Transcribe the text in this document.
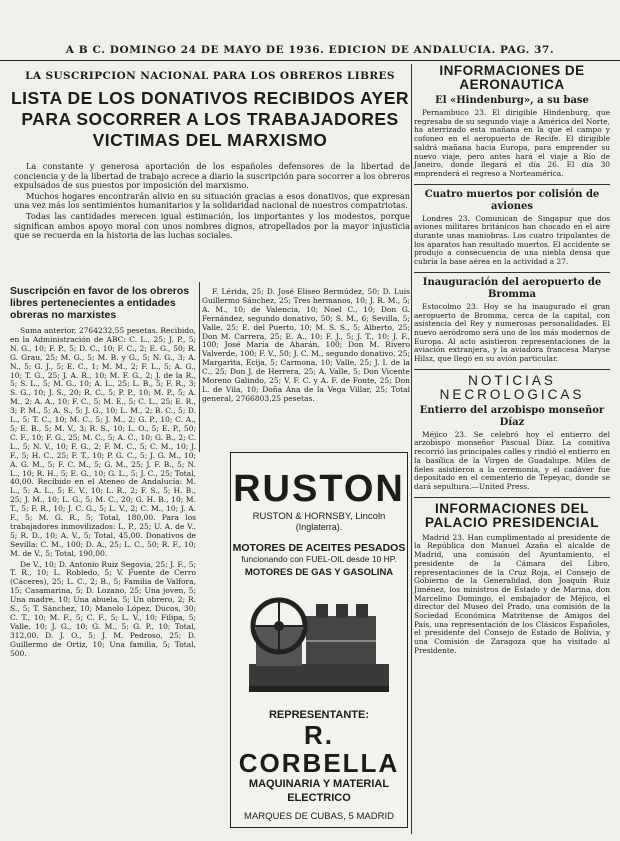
A B C. DOMINGO 24 DE MAYO DE 1936. EDICION DE ANDALUCIA. PAG. 37.
LA SUSCRIPCION NACIONAL PARA LOS OBREROS LIBRES
LISTA DE LOS DONATIVOS RECIBIDOS AYER PARA SOCORRER A LOS TRABAJADORES VICTIMAS DEL MARXISMO

La constante y generosa aportación de los españoles defensores de la libertad de conciencia y de la libertad de trabajo acrece a diario la suscripción para socorrer a los obreros expulsados de sus puestos por imposición del marxismo.

Muchos hogares encontrarán alivio en su situación gracias a esos donativos, que expresan una vez más los sentimientos humanitarios y la solidaridad nacional de nuestros compatriotas.

Todas las cantidades merecen igual estimación, los importantes y los modestos, porque significan ambos apoyo moral con unos nombres dignos, atropellados por la mayor injusticia que se recuerda en la historia de las luchas sociales.

Suscripción en favor de los obreros libres pertenecientes a entidades obreras no marxistes

Suma anterior, 2764232,55 pesetas. Recibido, en la Administración de ABC: C. L., 25; J. P., 5; N. G., 10; F. P., 5; D. C., 10; F. C., 2; E. G., 50; R. G. Grau, 25; M. G., 5; M. B. y G., 5; N. G., 3; A. N., 5; G. J., 5; E. C., 1; M. M., 2; F. L., 5; A. G., 10; T. G., 25; J. A. R., 10; M. F. G., 2; J. de la R., 5; S. L., 5; M. G., 10; A. L., 25; L. B., 5; F. R., 3; S. G., 10; J. S., 20; R. C., 5; P. P., 10; M. P., 5; A. M., 2; A. A., 10; F. C., 5; M. E., 5; C. L., 25; E. R., 3; P. M., 5; A. S., 5; J. G., 10; L. M., 2; B. C., 5; D. L., 5; T. C., 10; M. C., 5; J. M., 2; G. P., 10; C. A., 5; E. B., 5; M. V., 3; R. S., 10; L. O., 5; E. P., 50; C. F., 10; F. G., 25; M. C., 5; A. C., 10; G. B., 2; C. L., 5; N. V., 10; F. G., 2; F. M. C., 5; C. M., 10; J. F., 5; H. C., 25; F. T., 10; P. G. C., 5; J. G. M., 10; A. G. M., 5; F. C. M., 5; G. M., 25; J. F. B., 5; N. L., 10; R. H., 5; E. G., 10; G. L., 5; J. C., 25; Total, 40,00. Recibido en el Ateneo de Andalucía: M. L., 5; A. L., 5; E. V., 10; L. R., 2; F. S., 5; H. B., 25; J. M., 10; L. G., 5; M. C., 20; G. H. B., 10; M. T., 5; F. R., 10; J. C. G., 5; L. V., 2; C. M., 10; J. A. F., 5; M. G. R., 5; Total, 180,00. Para los trabajadores inmovilizados: L. P., 25; U. A. de V., 5; R. D., 10; A. V., 5; Total, 45,00. Donativos de Sevilla: C. M., 100; D. A., 25; L. C., 50; R. F., 10; M. de V., 5; Total, 190,00.

De V., 10; D. Antonio Ruiz Segovia, 25; J. F., 5; T. R., 10; L. Robledo, 5; V. Fuente de Cerro (Cáceres), 25; L. C., 2; B., 5; Familia de Valfora, 15; Casamarina, 5; D. Lozano, 25; Una joven, 5; Una madre, 10; Una abuela, 5; Un obrero, 2; R. S., 5; T. Sánchez, 10; Manolo López, Ducos, 30; C. T., 10; M. F., 5; C. F., 5; L. V., 10; Filipa, 5; Valle, 10; J. G., 10; G. M., 5; G. P., 10; Total, 312,00. D. J. O., 5; J. M. Pedroso, 25; D. Guillermo de Ortiz, 10; Una familia, 5; Total, 500.

F. Lérida, 25; D. José Eliseo Bermúdez, 50; D. Luis Guillermo Sánchez, 25; Tres hermanos, 10; J. R. M., 5; A. M., 10; de Valencia, 10; Noel C., 10; Don G. Fernández, segundo donativo, 50; S. M., 6; Sevilla, 5; Valle, 25; E. del Puerto, 10; M. S. S., 5; Alberto, 25; Don M. Carrera, 25; E. A., 10; F. J., 5; J. T., 10; J. F., 100; José María de Aharán, 100; Don M. Rivero Valverde, 100; F. V., 50; J. C. M., segundo donativo, 25; Margarita, Ecija, 5; Carmona, 10; Valle, 25; J. I. de la C., 25; Don J. de Herrera, 25; A. Valle, 5; Don Vicente Moreno Galindo, 25; V. F. C. y A. F. de Fonte, 25; Don L. de Vila, 10; Doña Ana de la Vega Villar, 25; Total general, 2766803,25 pesetas.

RUSTON
RUSTON & HORNSBY, Lincoln
(Inglaterra).
MOTORES DE ACEITES PESADOS
funcionando con FUEL-OIL desde 10 HP.
MOTORES DE GAS Y GASOLINA
REPRESENTANTE:
R. CORBELLA
MAQUINARIA Y MATERIAL ELECTRICO
MARQUES DE CUBAS, 5 MADRID
INFORMACIONES DE AERONAUTICA
El «Hindenburg», a su base

Pernambuco 23. El dirigible Hindenburg, que regresaba de su segundo viaje a América del Norte, ha aterrizado esta mañana en la que el campo y cofoneo en el aeropuerto de Recife. El dirigible saldrá mañana hacia Europa, para emprender su nuevo viaje, pero antes hará el viaje a Río de Janeiro, donde llegará el día 26. El día 30 emprenderá el regreso a Norteamérica.

Cuatro muertos por colisión de aviones

Londres 23. Comunican de Singapur que dos aviones militares británicos han chocado en el aire durante unas maniobras. Los cuatro tripulantes de los aparatos han resultado muertos. El accidente se produjo a consecuencia de una niebla densa que cubría la base aérea en la actividad a 27.

Inauguración del aeropuerto de Bromma

Estocolmo 23. Hoy se ha inaugurado el gran aeropuerto de Bromma, cerca de la capital, con asistencia del Rey y numerosas personalidades. El nuevo aeródromo será uno de los más modernos de Europa. Al acto asistieron representaciones de la aviación extranjera, y la aviadora francesa Maryse Hilsz, que llegó en su avión particular.

NOTICIAS NECROLOGICAS
Entierro del arzobispo monseñor Díaz

Méjico 23. Se celebró hoy el entierro del arzobispo monseñor Pascual Díaz. La comitiva recorrió las principales calles y rindió el entierro en la basílica de la Virgen de Guadalupe. Miles de fieles asistieron a la ceremonia, y el cadáver fue depositado en el cementerio de Tepeyac, donde se dará sepultura.—United Press.

INFORMACIONES DEL PALACIO PRESIDENCIAL

Madrid 23. Han cumplimentado al presidente de la República don Manuel Azaña el alcalde de Madrid, una comisión del Ayuntamiento, el presidente de la Cámara del Libro, representaciones de la Cruz Roja, el Consejo de Gobierno de la Generalidad, don Joaquín Ruiz Jiménez, los ministros de Estado y de Marina, don Marcelino Domingo, el embajador de Méjico, el director del Museo del Prado, una comisión de la Sociedad Económica Matritense de Amigos del País, una representación de los Clásicos Españoles, el presidente del Consejo de Estado de Bolivia, y una Comisión de Zaragoza que ha visitado al Presidente.
